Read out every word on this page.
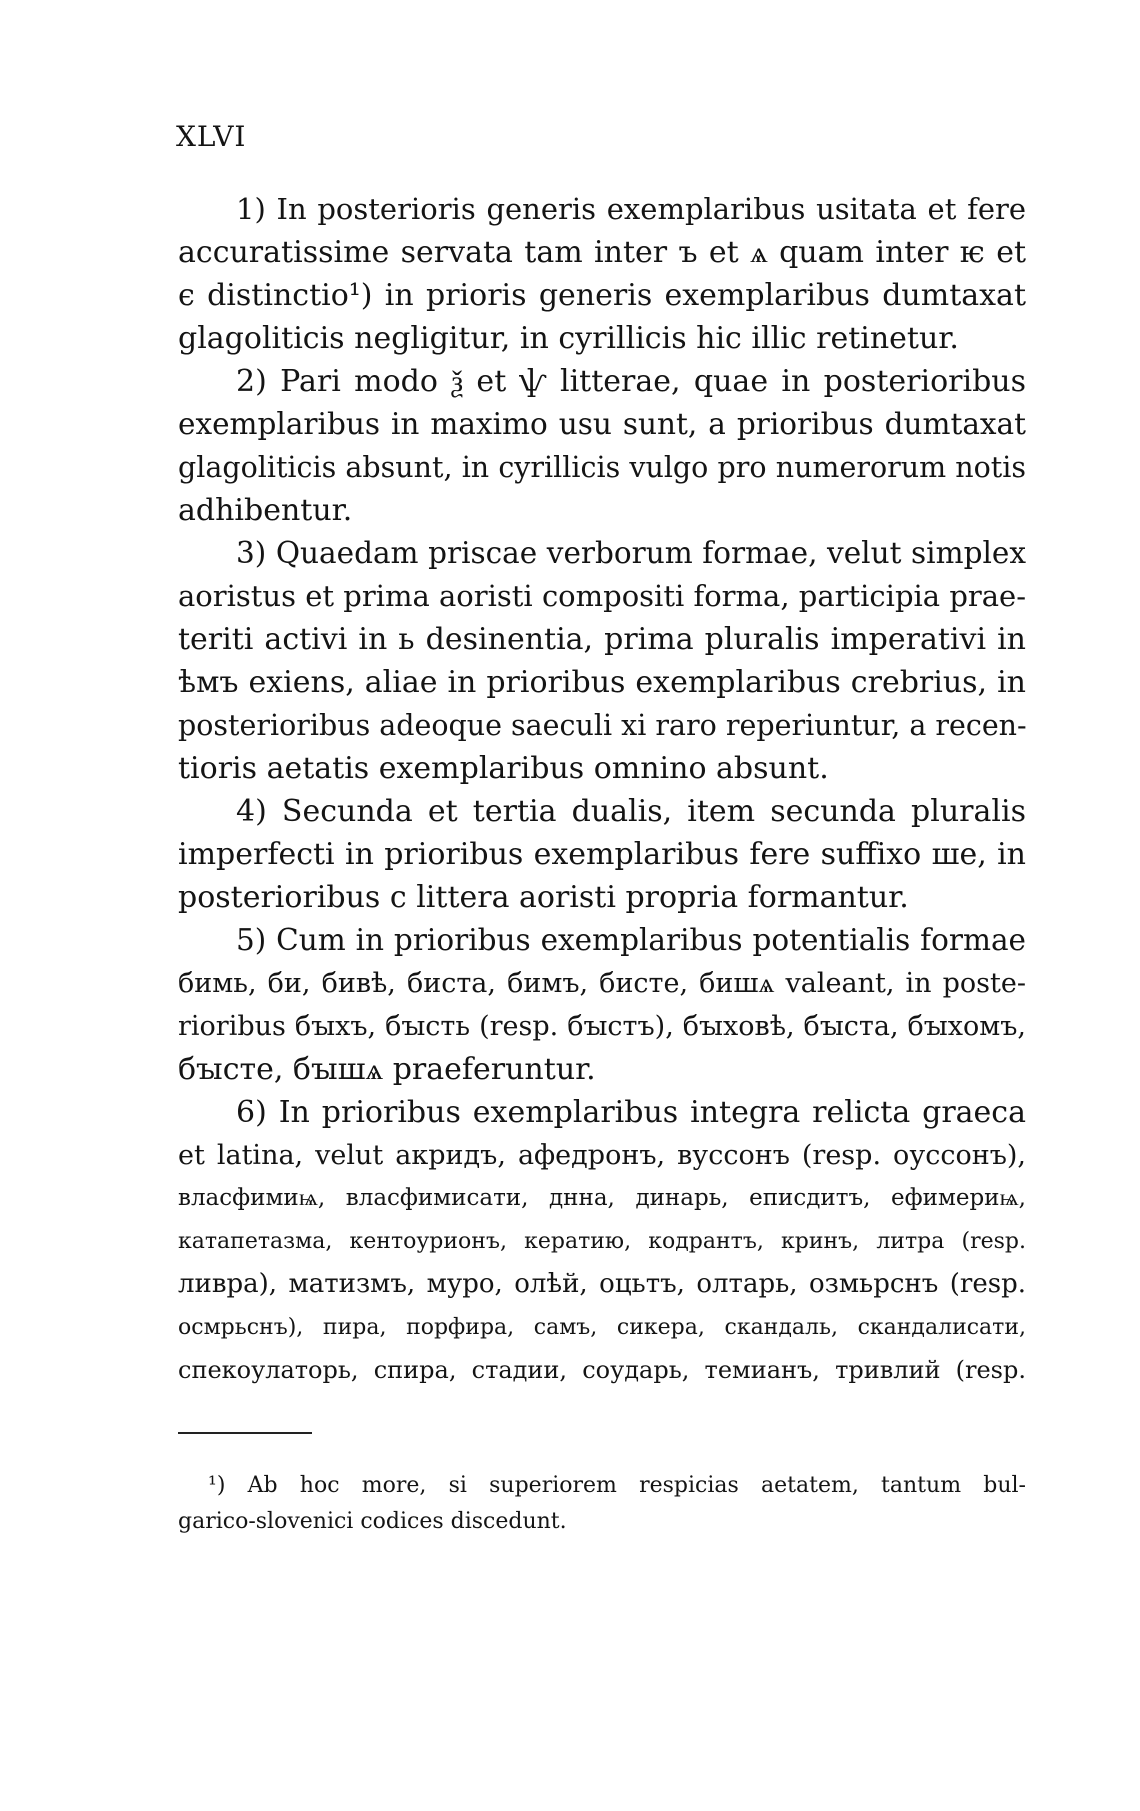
XLVI
1) In posterioris generis exemplaribus usitata et fere
accuratissime servata tam inter ъ et ѧ quam inter ѥ et
є distinctio¹) in prioris generis exemplaribus dumtaxat
glagoliticis negligitur, in cyrillicis hic illic retinetur.
2) Pari modo ѯ et ѱ litterae, quae in posterioribus
exemplaribus in maximo usu sunt, a prioribus dumtaxat
glagoliticis absunt, in cyrillicis vulgo pro numerorum notis
adhibentur.
3) Quaedam priscae verborum formae, velut simplex
aoristus et prima aoristi compositi forma, participia prae-
teriti activi in ь desinentia, prima pluralis imperativi in
ѣмъ exiens, aliae in prioribus exemplaribus crebrius, in
posterioribus adeoque saeculi xi raro reperiuntur, a recen-
tioris aetatis exemplaribus omnino absunt.
4) Secunda et tertia dualis, item secunda pluralis
imperfecti in prioribus exemplaribus fere suffixo ше, in
posterioribus с littera aoristi propria formantur.
5) Cum in prioribus exemplaribus potentialis formae
бимь, би, бивѣ, биста, бимъ, бисте, бишѧ valeant, in poste-
rioribus бꙑхъ, бꙑсть (resp. бꙑстъ), бꙑховѣ, бꙑста, бꙑхомъ,
бꙑсте, бꙑшѧ praeferuntur.
6) In prioribus exemplaribus integra relicta graeca
et latina, velut акридъ, афедронъ, вуссонъ (resp. оуссонъ),
власфимиѩ, власфимисати, днна, динарь, еписдитъ, ефимериѩ,
катапетазма, кентоурионъ, кератию, кодрантъ, кринъ, литра (resp.
ливра), матизмъ, муро, олѣй, оцьтъ, олтарь, озмьрснъ (resp.
осмрьснъ), пира, порфира, самъ, сикера, скандаль, скандалисати,
спекоулаторь, спира, стадии, соударь, темианъ, тривлий (resp.
¹) Ab hoc more, si superiorem respicias aetatem, tantum bul-
garico-slovenici codices discedunt.
